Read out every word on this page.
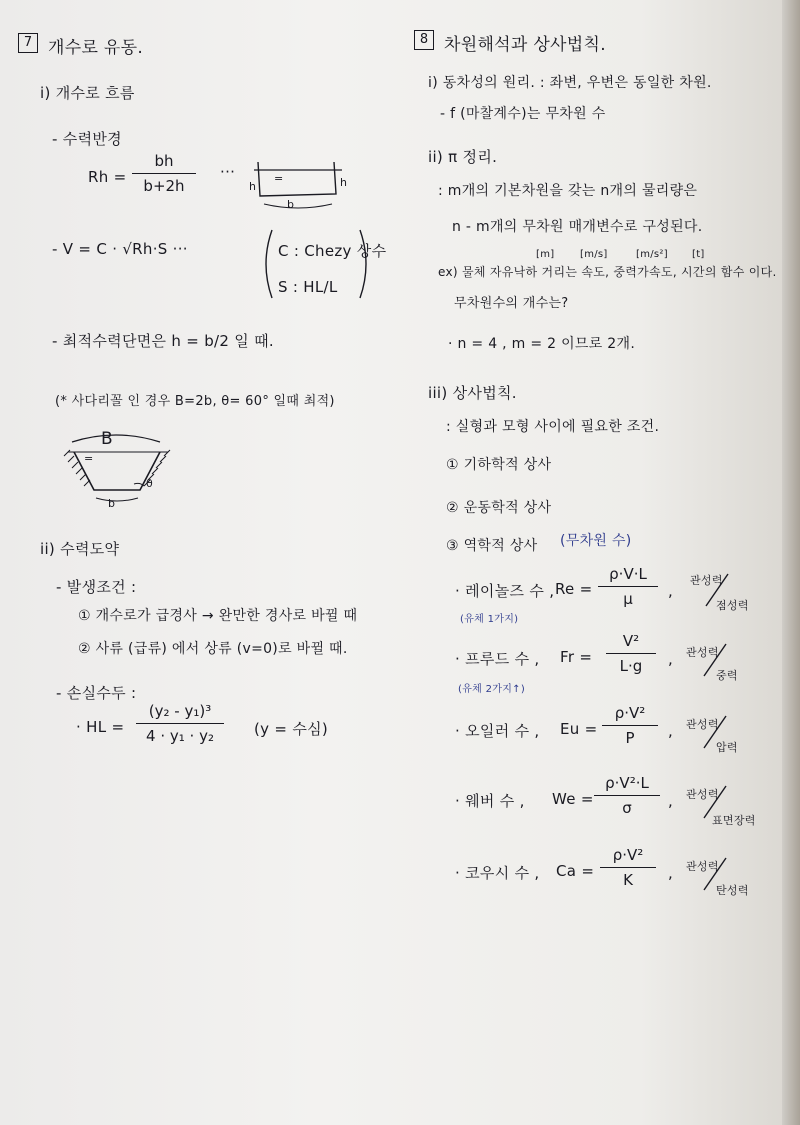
7 개수로 유동.
i) 개수로 흐름
- 수력반경
$Rh = \frac{bh}{b+2h}$ ···
h	h
b
=
- V = C · √Rh·S ···	C : Chezy 상수
S : HL/L
- 최적수력단면은 h = b/2 일 때.
(* 사다리꼴 인 경우 B=2b, θ= 60° 일때 최적)
B
b
θ
=
ii) 수력도약
- 발생조건 :
① 개수로가 급경사 → 완만한 경사로 바뀔 때
② 사류 (급류) 에서 상류 (v=0)로 바뀔 때.
- 손실수두 :
· HL = $\frac{\text{(y₂ - y₁)³}}{\text{4 · y₁ · y₂}} (y$ = 수심)
8 차원해석과 상사법칙.
i) 동차성의 원리. : 좌변, 우변은 동일한 차원.
- f (마찰계수)는 무차원 수
ii) π 정리.
: m개의 기본차원을 갖는 n개의 물리량은
n - m개의 무차원 매개변수로 구성된다.
[m]	[m/s]	[m/s²] [t]
ex) 물체 자유낙하 거리는 속도, 중력가속도, 시간의 함수 이다.
무차원수의 개수는?
· n = 4 , m = 2 이므로 2개.
iii) 상사법칙.
: 실형과 모형 사이에 필요한 조건.
① 기하학적 상사
② 운동학적 상사
③ 역학적 상사 (무차원 수)
· 레이놀즈 수 , $Re = \frac{\rho\cdot V\cdot L}{\mu}$ ,
관성력
점성력
(유체 1가지)
· 프루드 수 , $Fr = \frac{\text{V²}}{L\cdot g}$ , 관성력
중력
(유체 2가지↑)
· 오일러 수 , $Eu = \frac{\text{ρ·V²}}{P}$ , 관성력
압력
· 웨버 수 , $We = \frac{\text{ρ·V²·L}}{\sigma}$ , 관성력
표면장력
· 코우시 수 , $Ca = \frac{\text{ρ·V²}}{K}$ , 관성력
탄성력
